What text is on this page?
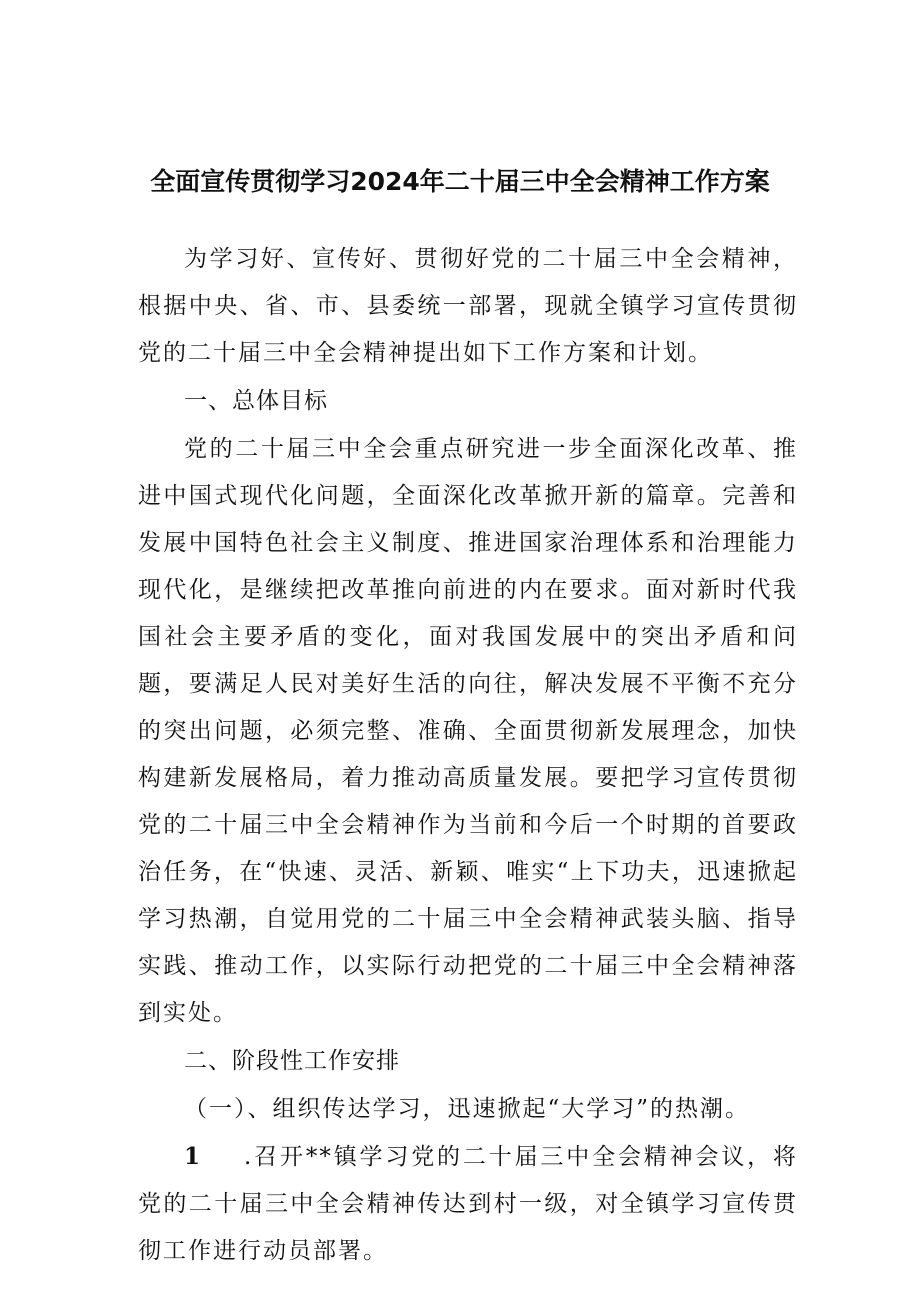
全面宣传贯彻学习2024年二十届三中全会精神工作方案

为学习好、宣传好、贯彻好党的二十届三中全会精神，根据中央、省、市、县委统一部署，现就全镇学习宣传贯彻党的二十届三中全会精神提出如下工作方案和计划。

一、总体目标

党的二十届三中全会重点研究进一步全面深化改革、推进中国式现代化问题，全面深化改革掀开新的篇章。完善和发展中国特色社会主义制度、推进国家治理体系和治理能力现代化，是继续把改革推向前进的内在要求。面对新时代我国社会主要矛盾的变化，面对我国发展中的突出矛盾和问题，要满足人民对美好生活的向往，解决发展不平衡不充分的突出问题，必须完整、准确、全面贯彻新发展理念，加快构建新发展格局，着力推动高质量发展。要把学习宣传贯彻党的二十届三中全会精神作为当前和今后一个时期的首要政治任务，在“快速、灵活、新颖、唯实“上下功夫，迅速掀起学习热潮，自觉用党的二十届三中全会精神武装头脑、指导实践、推动工作，以实际行动把党的二十届三中全会精神落到实处。

二、阶段性工作安排

（一）、组织传达学习，迅速掀起“大学习”的热潮。

1 .召开**镇学习党的二十届三中全会精神会议，将党的二十届三中全会精神传达到村一级，对全镇学习宣传贯彻工作进行动员部署。
